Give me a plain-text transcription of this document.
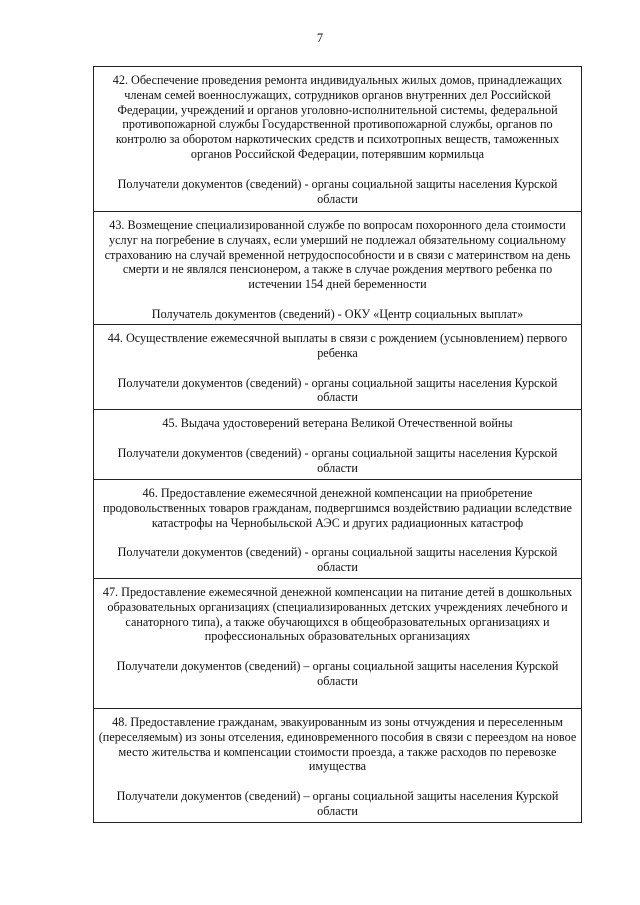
7

42. Обеспечение проведения ремонта индивидуальных жилых домов, принадлежащих членам семей военнослужащих, сотрудников органов внутренних дел Российской Федерации, учреждений и органов уголовно-исполнительной системы, федеральной противопожарной службы Государственной противопожарной службы, органов по контролю за оборотом наркотических средств и психотропных веществ, таможенных органов Российской Федерации, потерявшим кормильца

Получатели документов (сведений) - органы социальной защиты населения Курской области

43. Возмещение специализированной службе по вопросам похоронного дела стоимости услуг на погребение в случаях, если умерший не подлежал обязательному социальному страхованию на случай временной нетрудоспособности и в связи с материнством на день смерти и не являлся пенсионером, а также в случае рождения мертвого ребенка по истечении 154 дней беременности

Получатель документов (сведений) - ОКУ «Центр социальных выплат»

44. Осуществление ежемесячной выплаты в связи с рождением (усыновлением) первого ребенка

Получатели документов (сведений) - органы социальной защиты населения Курской области

45. Выдача удостоверений ветерана Великой Отечественной войны

Получатели документов (сведений) - органы социальной защиты населения Курской области

46. Предоставление ежемесячной денежной компенсации на приобретение продовольственных товаров гражданам, подвергшимся воздействию радиации вследствие катастрофы на Чернобыльской АЭС и других радиационных катастроф

Получатели документов (сведений) - органы социальной защиты населения Курской области

47. Предоставление ежемесячной денежной компенсации на питание детей в дошкольных образовательных организациях (специализированных детских учреждениях лечебного и санаторного типа), а также обучающихся в общеобразовательных организациях и профессиональных образовательных организациях

Получатели документов (сведений) – органы социальной защиты населения Курской области

48. Предоставление гражданам, эвакуированным из зоны отчуждения и переселенным (переселяемым) из зоны отселения, единовременного пособия в связи с переездом на новое место жительства и компенсации стоимости проезда, а также расходов по перевозке имущества

Получатели документов (сведений) – органы социальной защиты населения Курской области
